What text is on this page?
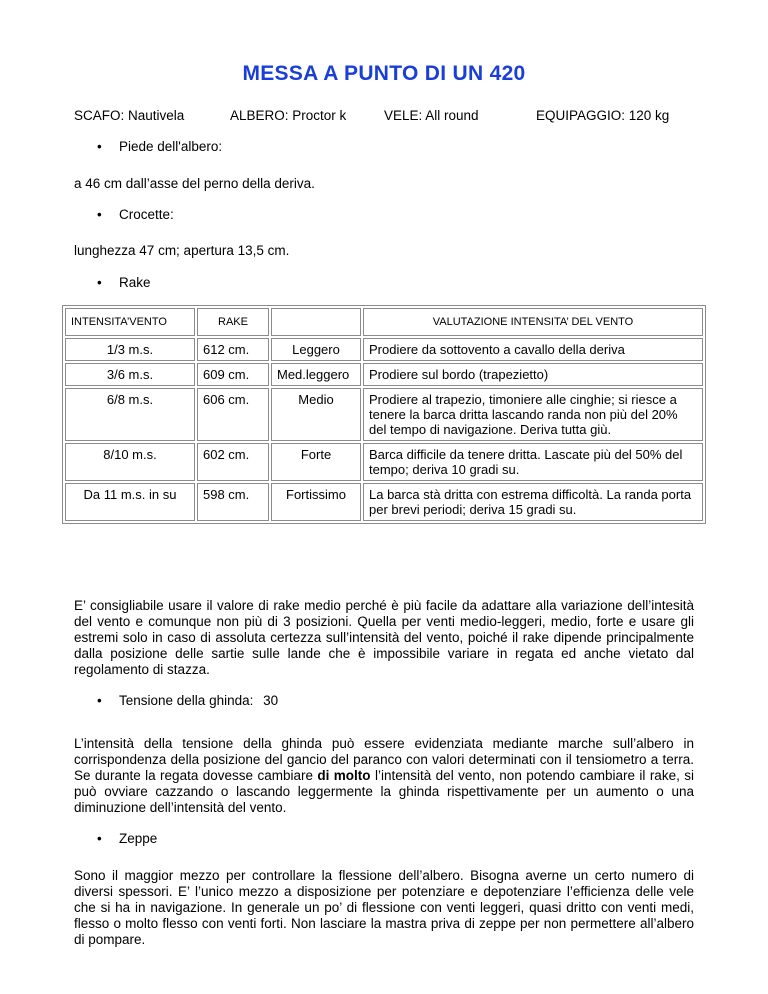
MESSA A PUNTO DI UN 420
SCAFO: Nautivela	ALBERO: Proctor k	VELE: All round	EQUIPAGGIO: 120 kg
• Piede dell'albero:
a 46 cm dall’asse del perno della deriva.
• Crocette:
lunghezza 47 cm; apertura 13,5 cm.
• Rake
INTENSITA’VENTO	RAKE		VALUTAZIONE INTENSITA’ DEL VENTO
1/3 m.s.	612 cm.	Leggero	Prodiere da sottovento a cavallo della deriva
3/6 m.s.	609 cm.	Med.leggero	Prodiere sul bordo (trapezietto)
6/8 m.s.	606 cm.	Medio	Prodiere al trapezio, timoniere alle cinghie; si riesce a tenere la barca dritta lascando randa non più del 20% del tempo di navigazione. Deriva tutta giù.
8/10 m.s.	602 cm.	Forte	Barca difficile da tenere dritta. Lascate più del 50% del tempo; deriva 10 gradi su.
Da 11 m.s. in su	598 cm.	Fortissimo	La barca stà dritta con estrema difficoltà. La randa porta per brevi periodi; deriva 15 gradi su.
E’ consigliabile usare il valore di rake medio perché è più facile da adattare alla variazione dell’intesità del vento e comunque non più di 3 posizioni. Quella per venti medio-leggeri, medio, forte e usare gli estremi solo in caso di assoluta certezza sull’intensità del vento, poiché il rake dipende principalmente dalla posizione delle sartie sulle lande che è impossibile variare in regata ed anche vietato dal regolamento di stazza.
• Tensione della ghinda: 30
L’intensità della tensione della ghinda può essere evidenziata mediante marche sull’albero in corrispondenza della posizione del gancio del paranco con valori determinati con il tensiometro a terra. Se durante la regata dovesse cambiare di molto l’intensità del vento, non potendo cambiare il rake, si può ovviare cazzando o lascando leggermente la ghinda rispettivamente per un aumento o una diminuzione dell’intensità del vento.
• Zeppe
Sono il maggior mezzo per controllare la flessione dell’albero. Bisogna averne un certo numero di diversi spessori. E’ l’unico mezzo a disposizione per potenziare e depotenziare l’efficienza delle vele che si ha in navigazione. In generale un po’ di flessione con venti leggeri, quasi dritto con venti medi, flesso o molto flesso con venti forti. Non lasciare la mastra priva di zeppe per non permettere all’albero di pompare.
